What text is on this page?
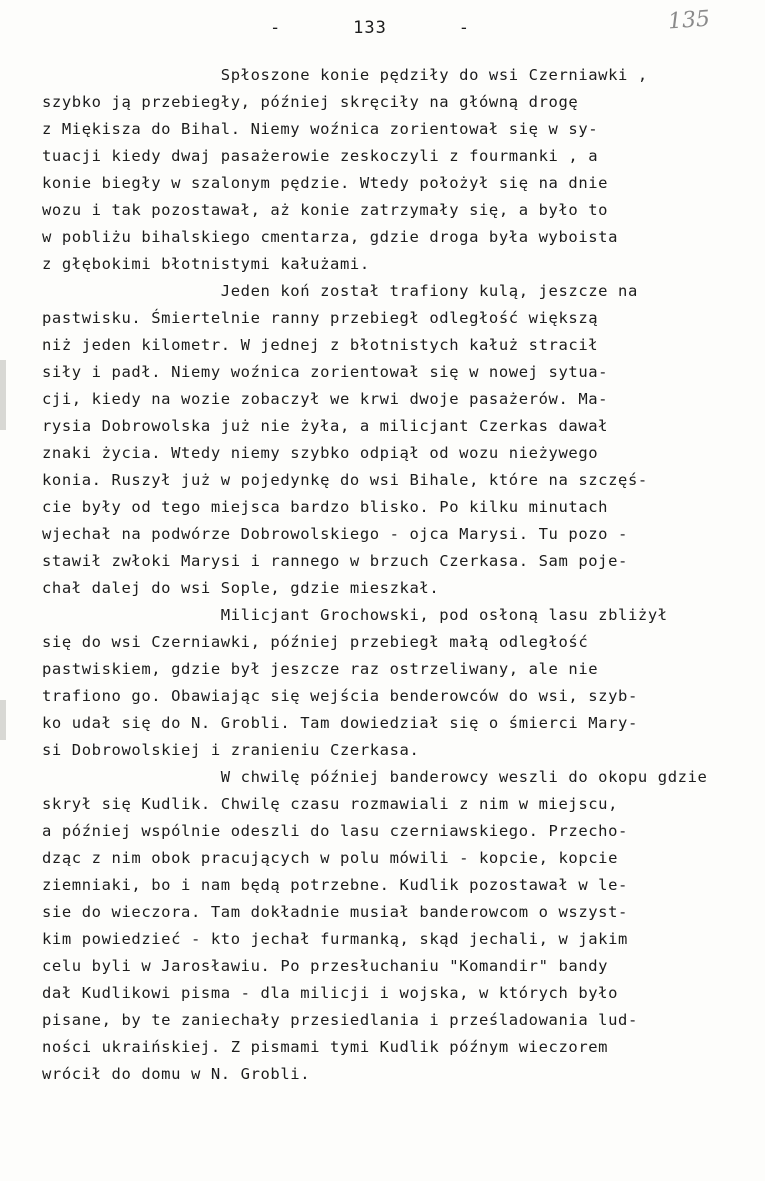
-	133	-	135
Spłoszone konie pędziły do wsi Czerniawki ,
szybko ją przebiegły, później skręciły na główną drogę
z Miękisza do Bihal. Niemy woźnica zorientował się w sy-
tuacji kiedy dwaj pasażerowie zeskoczyli z fourmanki , a
konie biegły w szalonym pędzie. Wtedy położył się na dnie
wozu i tak pozostawał, aż konie zatrzymały się, a było to
w pobliżu bihalskiego cmentarza, gdzie droga była wyboista
z głębokimi błotnistymi kałużami.
Jeden koń został trafiony kulą, jeszcze na
pastwisku. Śmiertelnie ranny przebiegł odległość większą
niż jeden kilometr. W jednej z błotnistych kałuż stracił
siły i padł. Niemy woźnica zorientował się w nowej sytua-
cji, kiedy na wozie zobaczył we krwi dwoje pasażerów. Ma-
rysia Dobrowolska już nie żyła, a milicjant Czerkas dawał
znaki życia. Wtedy niemy szybko odpiął od wozu nieżywego
konia. Ruszył już w pojedynkę do wsi Bihale, które na szczęś-
cie były od tego miejsca bardzo blisko. Po kilku minutach
wjechał na podwórze Dobrowolskiego - ojca Marysi. Tu pozo -
stawił zwłoki Marysi i rannego w brzuch Czerkasa. Sam poje-
chał dalej do wsi Sople, gdzie mieszkał.
Milicjant Grochowski, pod osłoną lasu zbliżył
się do wsi Czerniawki, później przebiegł małą odległość
pastwiskiem, gdzie był jeszcze raz ostrzeliwany, ale nie
trafiono go. Obawiając się wejścia benderowców do wsi, szyb-
ko udał się do N. Grobli. Tam dowiedział się o śmierci Mary-
si Dobrowolskiej i zranieniu Czerkasa.
W chwilę później banderowcy weszli do okopu gdzie
skrył się Kudlik. Chwilę czasu rozmawiali z nim w miejscu,
a później wspólnie odeszli do lasu czerniawskiego. Przecho-
dząc z nim obok pracujących w polu mówili - kopcie, kopcie
ziemniaki, bo i nam będą potrzebne. Kudlik pozostawał w le-
sie do wieczora. Tam dokładnie musiał banderowcom o wszyst-
kim powiedzieć - kto jechał furmanką, skąd jechali, w jakim
celu byli w Jarosławiu. Po przesłuchaniu "Komandir" bandy
dał Kudlikowi pisma - dla milicji i wojska, w których było
pisane, by te zaniechały przesiedlania i prześladowania lud-
ności ukraińskiej. Z pismami tymi Kudlik późnym wieczorem
wrócił do domu w N. Grobli.
